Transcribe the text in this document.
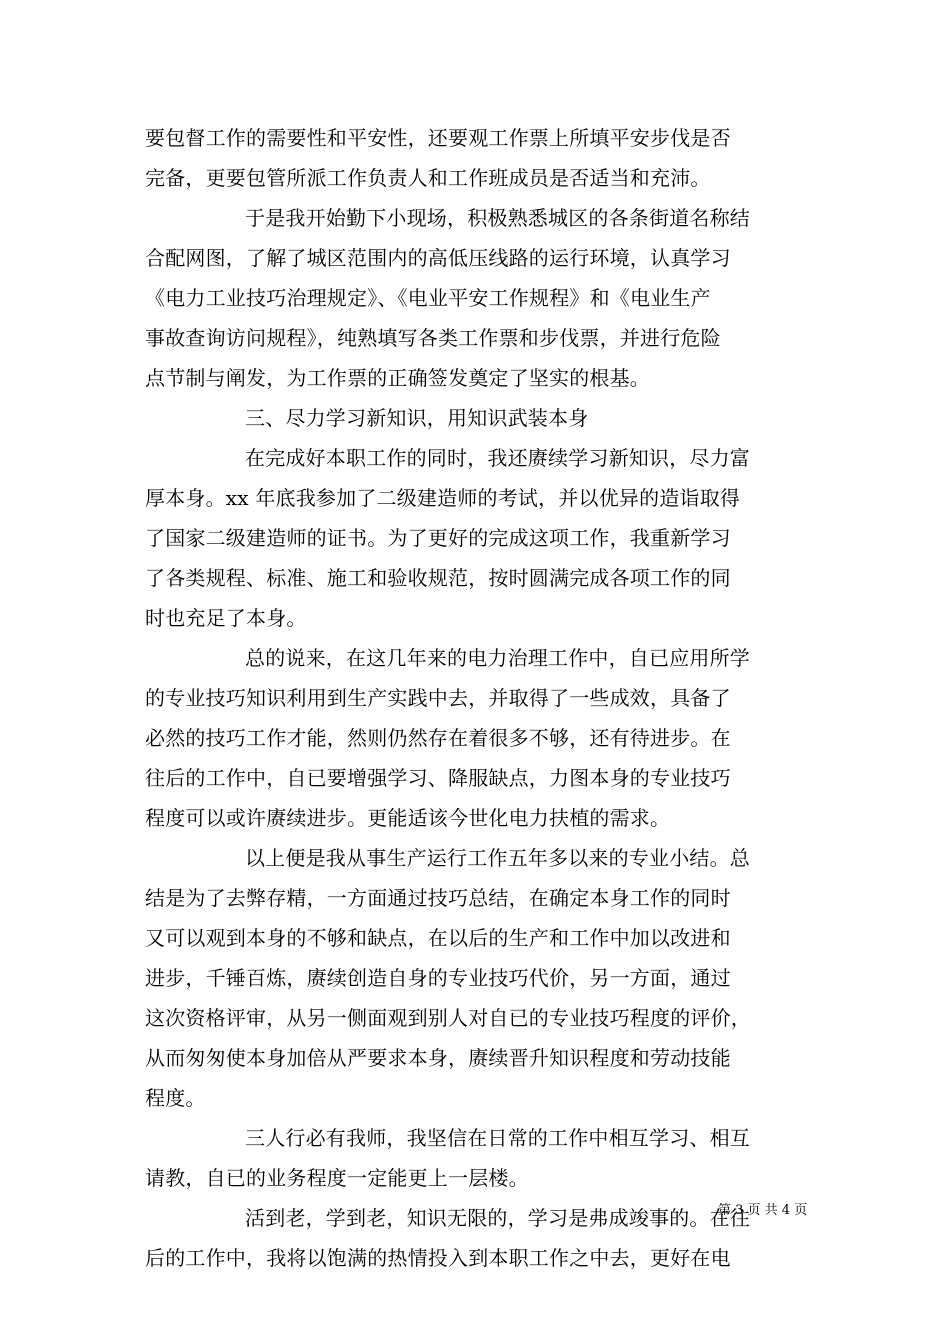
要包督工作的需要性和平安性，还要观工作票上所填平安步伐是否
完备，更要包管所派工作负责人和工作班成员是否适当和充沛。
于是我开始勤下小现场，积极熟悉城区的各条街道名称结
合配网图，了解了城区范围内的高低压线路的运行环境，认真学习
《电力工业技巧治理规定》、《电业平安工作规程》和《电业生产
事故查询访问规程》，纯熟填写各类工作票和步伐票，并进行危险
点节制与阐发，为工作票的正确签发奠定了坚实的根基。
三、尽力学习新知识，用知识武装本身
在完成好本职工作的同时，我还赓续学习新知识，尽力富
厚本身。xx 年底我参加了二级建造师的考试，并以优异的造诣取得
了国家二级建造师的证书。为了更好的完成这项工作，我重新学习
了各类规程、标准、施工和验收规范，按时圆满完成各项工作的同
时也充足了本身。
总的说来，在这几年来的电力治理工作中，自已应用所学
的专业技巧知识利用到生产实践中去，并取得了一些成效，具备了
必然的技巧工作才能，然则仍然存在着很多不够，还有待进步。在
往后的工作中，自已要增强学习、降服缺点，力图本身的专业技巧
程度可以或许赓续进步。更能适该今世化电力扶植的需求。
以上便是我从事生产运行工作五年多以来的专业小结。总
结是为了去弊存精，一方面通过技巧总结，在确定本身工作的同时
又可以观到本身的不够和缺点，在以后的生产和工作中加以改进和
进步，千锤百炼，赓续创造自身的专业技巧代价，另一方面，通过
这次资格评审，从另一侧面观到别人对自已的专业技巧程度的评价，
从而匆匆使本身加倍从严要求本身，赓续晋升知识程度和劳动技能
程度。
三人行必有我师，我坚信在日常的工作中相互学习、相互
请教，自已的业务程度一定能更上一层楼。
活到老，学到老，知识无限的，学习是弗成竣事的。在往
后的工作中，我将以饱满的热情投入到本职工作之中去，更好在电
第 3 页 共 4 页
